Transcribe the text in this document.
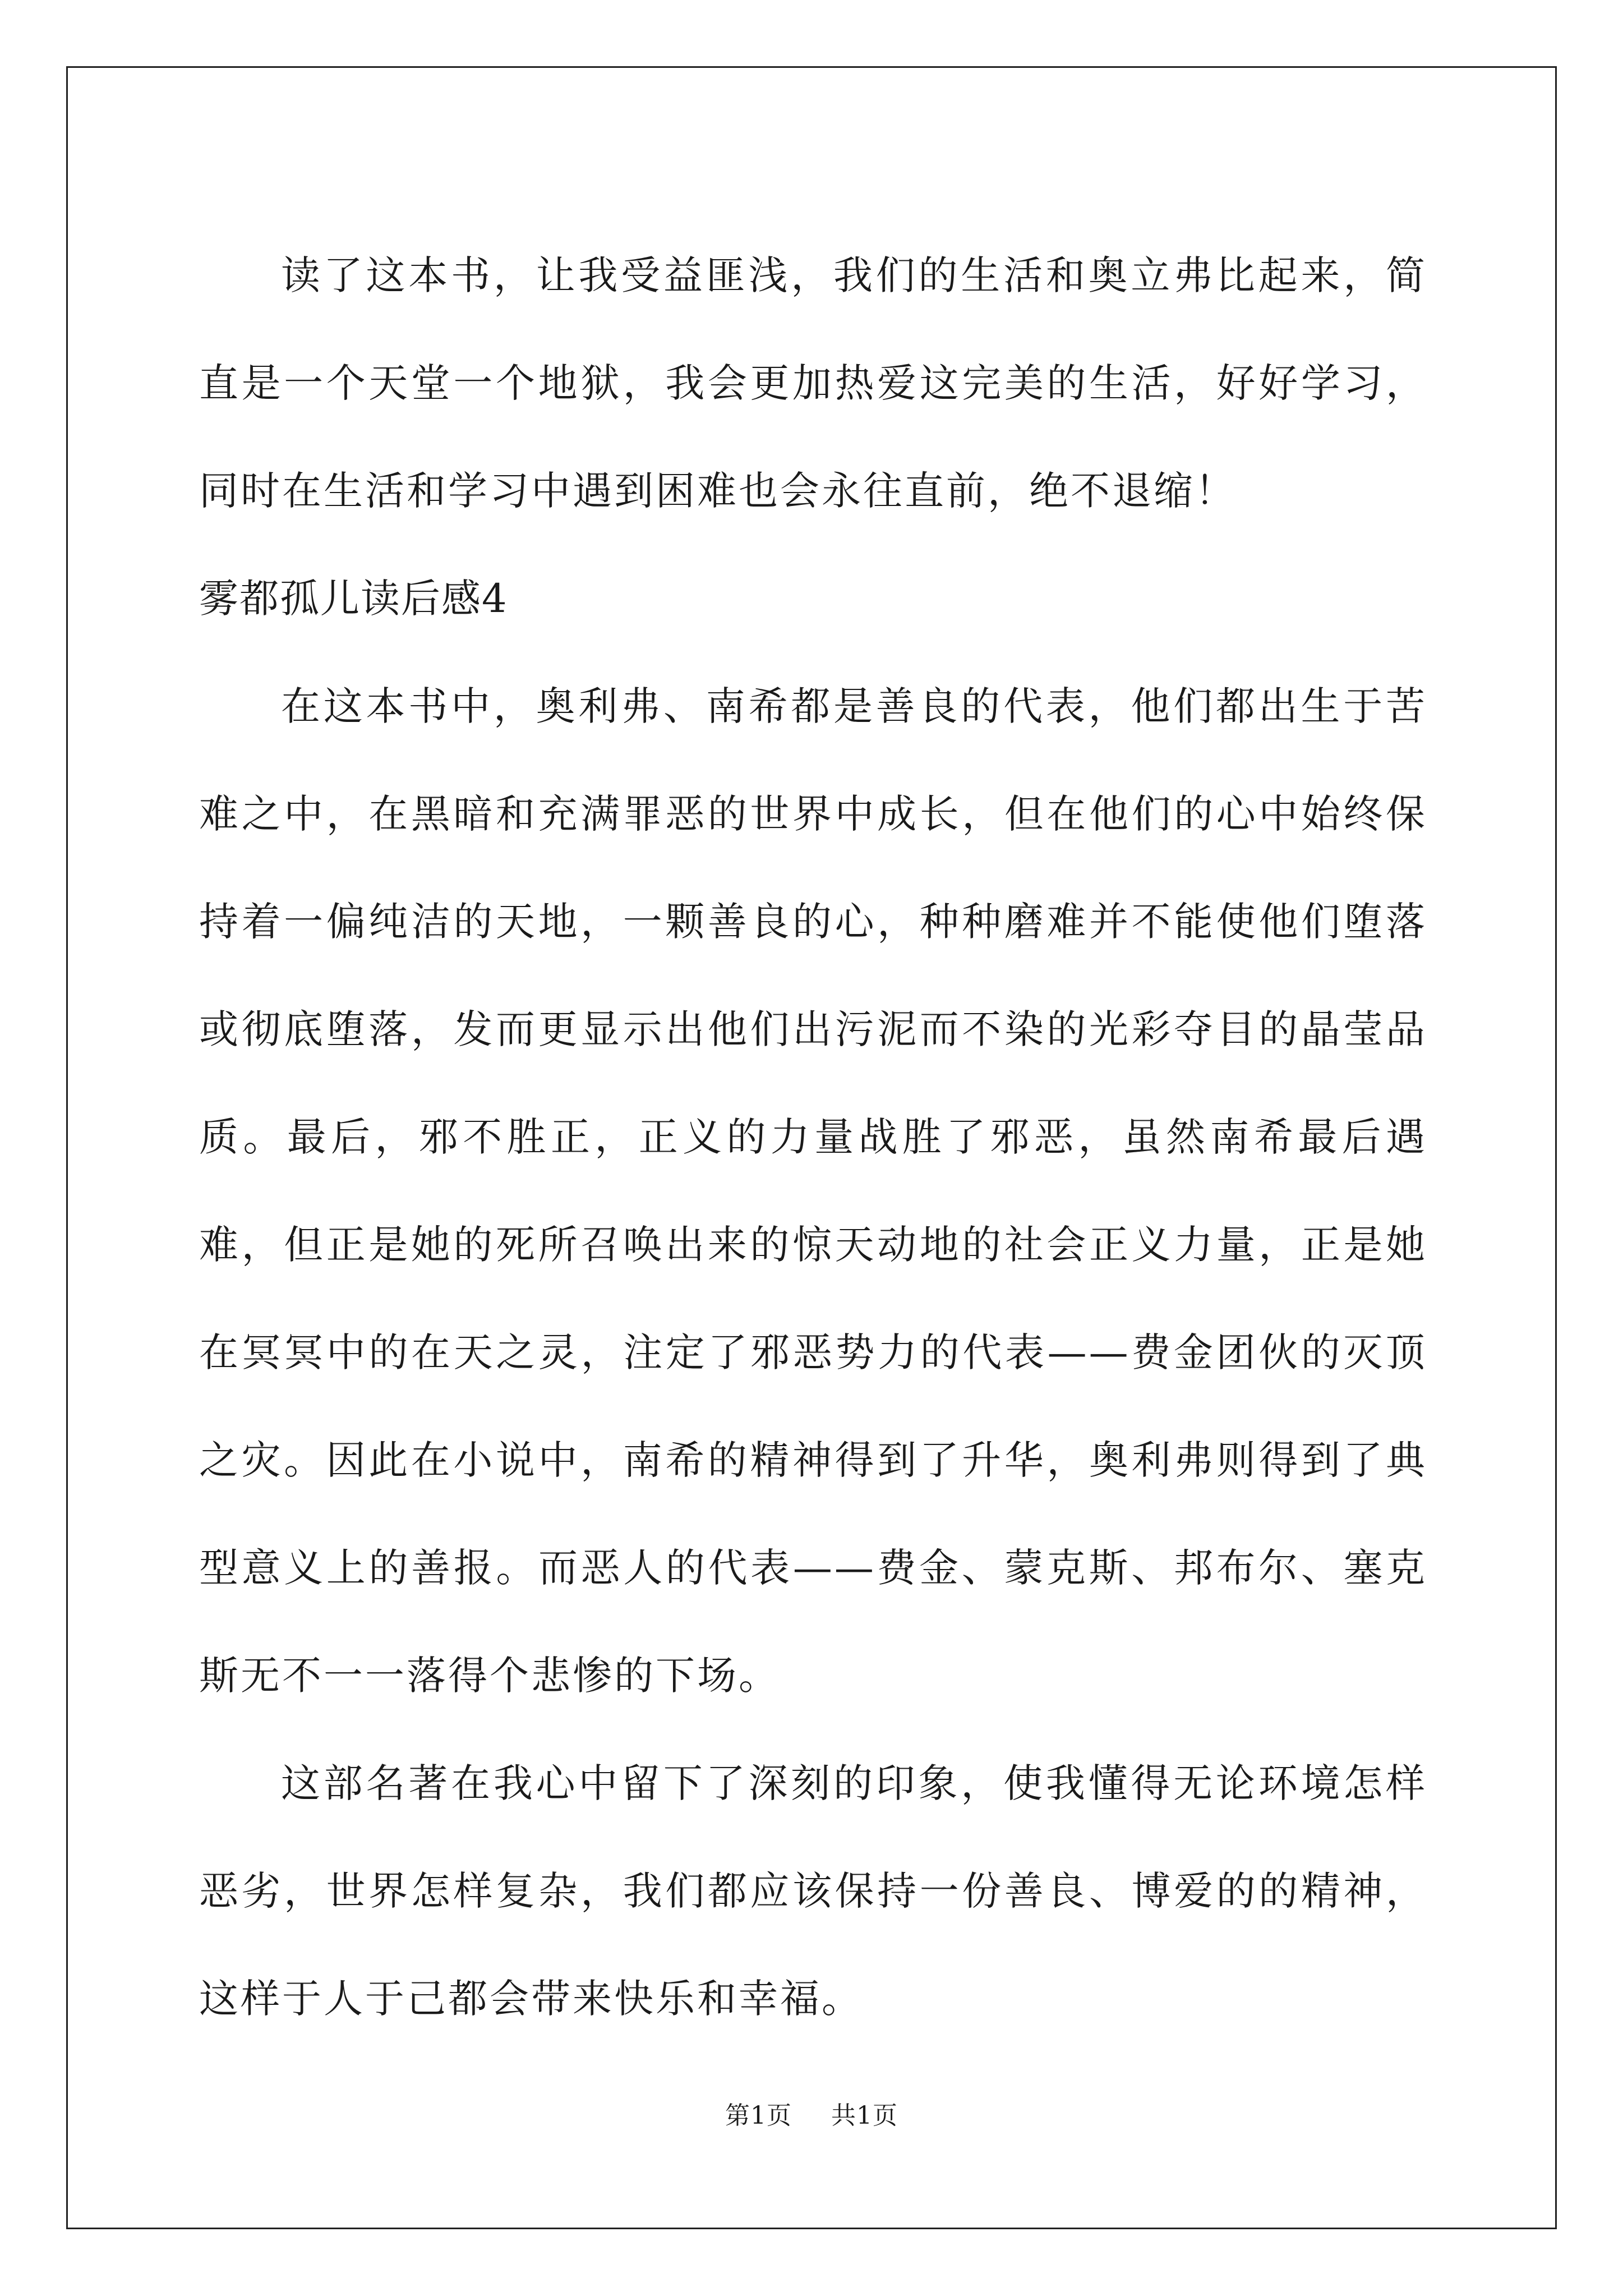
读了这本书，让我受益匪浅，我们的生活和奥立弗比起来，简直是一个天堂一个地狱，我会更加热爱这完美的生活，好好学习，同时在生活和学习中遇到困难也会永往直前，绝不退缩！

雾都孤儿读后感4

在这本书中，奥利弗、南希都是善良的代表，他们都出生于苦难之中，在黑暗和充满罪恶的世界中成长，但在他们的心中始终保持着一偏纯洁的天地，一颗善良的心，种种磨难并不能使他们堕落或彻底堕落，发而更显示出他们出污泥而不染的光彩夺目的晶莹品质。最后，邪不胜正，正义的力量战胜了邪恶，虽然南希最后遇难，但正是她的死所召唤出来的惊天动地的社会正义力量，正是她在冥冥中的在天之灵，注定了邪恶势力的代表——费金团伙的灭顶之灾。因此在小说中，南希的精神得到了升华，奥利弗则得到了典型意义上的善报。而恶人的代表——费金、蒙克斯、邦布尔、塞克斯无不一一落得个悲惨的下场。

这部名著在我心中留下了深刻的印象，使我懂得无论环境怎样恶劣，世界怎样复杂，我们都应该保持一份善良、博爱的的精神，这样于人于己都会带来快乐和幸福。

第1页 共1页
